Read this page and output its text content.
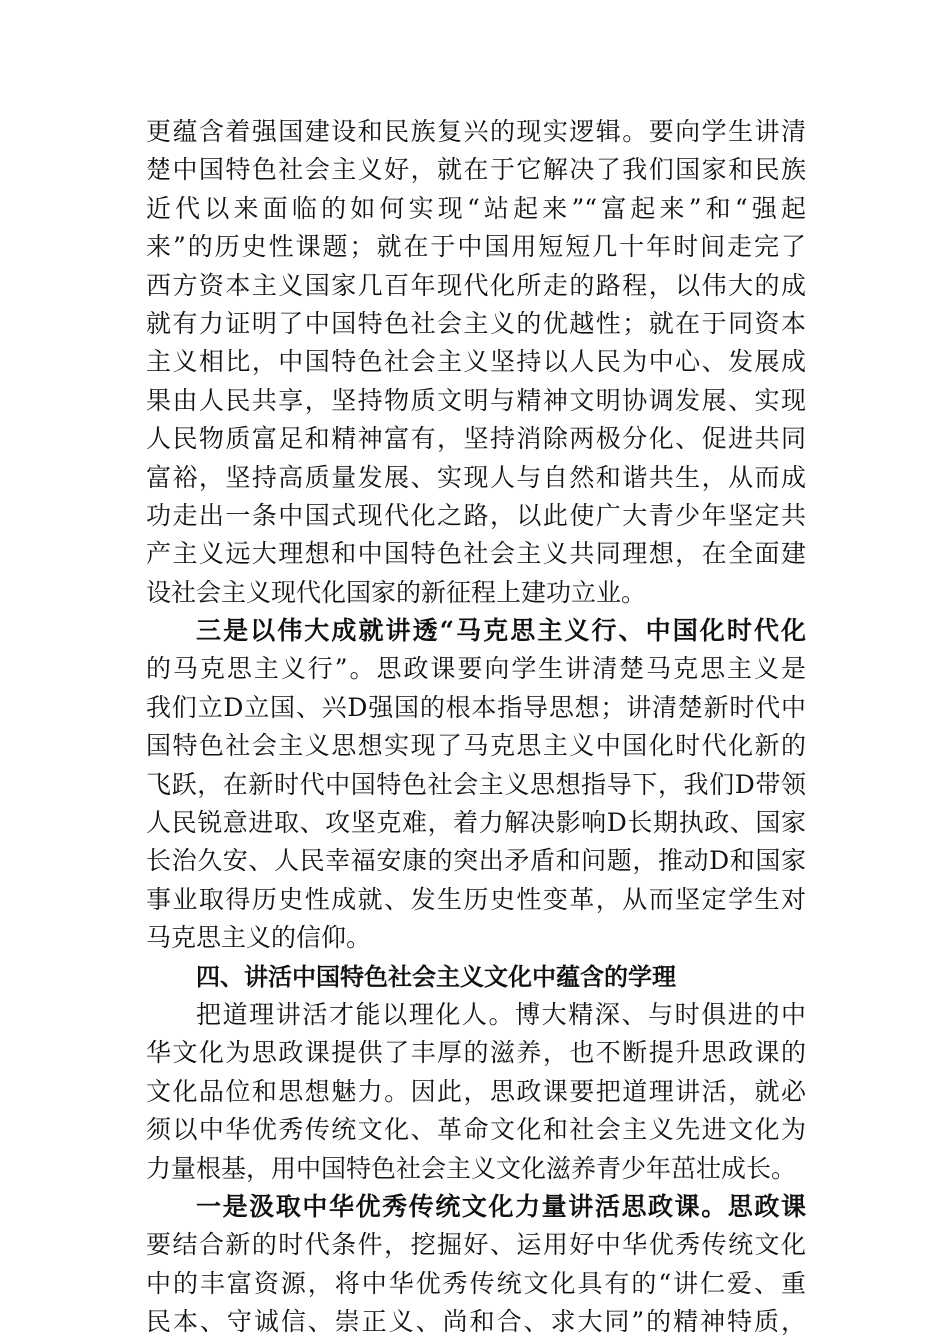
更蕴含着强国建设和民族复兴的现实逻辑。要向学生讲清
楚中国特色社会主义好，就在于它解决了我们国家和民族
近代以来面临的如何实现“站起来”“富起来”和“强起
来”的历史性课题；就在于中国用短短几十年时间走完了
西方资本主义国家几百年现代化所走的路程，以伟大的成
就有力证明了中国特色社会主义的优越性；就在于同资本
主义相比，中国特色社会主义坚持以人民为中心、发展成
果由人民共享，坚持物质文明与精神文明协调发展、实现
人民物质富足和精神富有，坚持消除两极分化、促进共同
富裕，坚持高质量发展、实现人与自然和谐共生，从而成
功走出一条中国式现代化之路，以此使广大青少年坚定共
产主义远大理想和中国特色社会主义共同理想，在全面建
设社会主义现代化国家的新征程上建功立业。
三是以伟大成就讲透“马克思主义行、中国化时代化
的马克思主义行”。思政课要向学生讲清楚马克思主义是
我们立D立国、兴D强国的根本指导思想；讲清楚新时代中
国特色社会主义思想实现了马克思主义中国化时代化新的
飞跃，在新时代中国特色社会主义思想指导下，我们D带领
人民锐意进取、攻坚克难，着力解决影响D长期执政、国家
长治久安、人民幸福安康的突出矛盾和问题，推动D和国家
事业取得历史性成就、发生历史性变革，从而坚定学生对
马克思主义的信仰。
四、讲活中国特色社会主义文化中蕴含的学理
把道理讲活才能以理化人。博大精深、与时俱进的中
华文化为思政课提供了丰厚的滋养，也不断提升思政课的
文化品位和思想魅力。因此，思政课要把道理讲活，就必
须以中华优秀传统文化、革命文化和社会主义先进文化为
力量根基，用中国特色社会主义文化滋养青少年茁壮成长。
一是汲取中华优秀传统文化力量讲活思政课。思政课
要结合新的时代条件，挖掘好、运用好中华优秀传统文化
中的丰富资源，将中华优秀传统文化具有的“讲仁爱、重
民本、守诚信、崇正义、尚和合、求大同”的精神特质，
